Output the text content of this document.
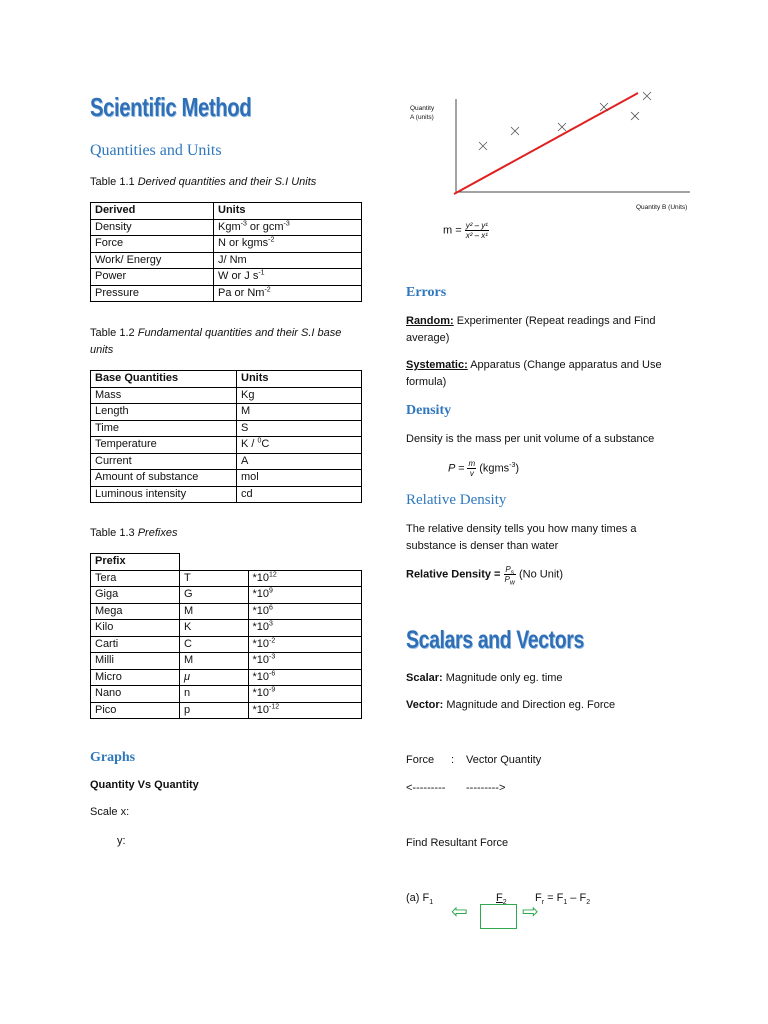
Scientific Method
Quantities and Units
Table 1.1 Derived quantities and their S.I Units
Derived	Units
Density	Kgm$^{-3}$ or gcm$^{-3}$
Force	N or kgms$^{-2}$
Work/ Energy	J/ Nm
Power	W or J $s^{-1}$
Pressure	Pa or $Nm^{-2}$
Table 1.2 Fundamental quantities and their S.I base units
Base Quantities	Units
Mass	Kg
Length	M
Time	S
Temperature	K / $^0$C
Current	A
Amount of substance	mol
Luminous intensity	cd
Table 1.3 Prefixes
Prefix		
Tera	T	$*10^{12}$
Giga	G	$*10^9$
Mega	M	$*10^6$
Kilo	K	$*10^3$
Carti	C	$*10^{-2}$
Milli	M	$*10^{-3}$
Micro	μ	$*10^{-6}$
Nano	n	$*10^{-9}$
Pico	p	$*10^{-12}$
Graphs
Quantity Vs Quantity
Scale x:
y:
Quantity
A (units)
Quantity B (Units)
$m = \frac{\text{y² – y¹}}{\text{x² – x¹}}$
Errors
Random: Experimenter (Repeat readings and Find average)
Systematic: Apparatus (Change apparatus and Use formula)
Density
Density is the mass per unit volume of a substance
$P = \frac{m}{v}$ (kgms$^{-3}$)
Relative Density
The relative density tells you how many times a substance is denser than water
Relative Density = $\frac{P_s}{P_w} (No$ Unit)
Scalars and Vectors
Scalar: Magnitude only eg. time
Vector: Magnitude and Direction eg. Force
Force : Vector Quantity
<--------- --------->
Find Resultant Force
(a) $F_1$	$F_2$	$F_r = F_1 - F_2$
⇦	⇨
